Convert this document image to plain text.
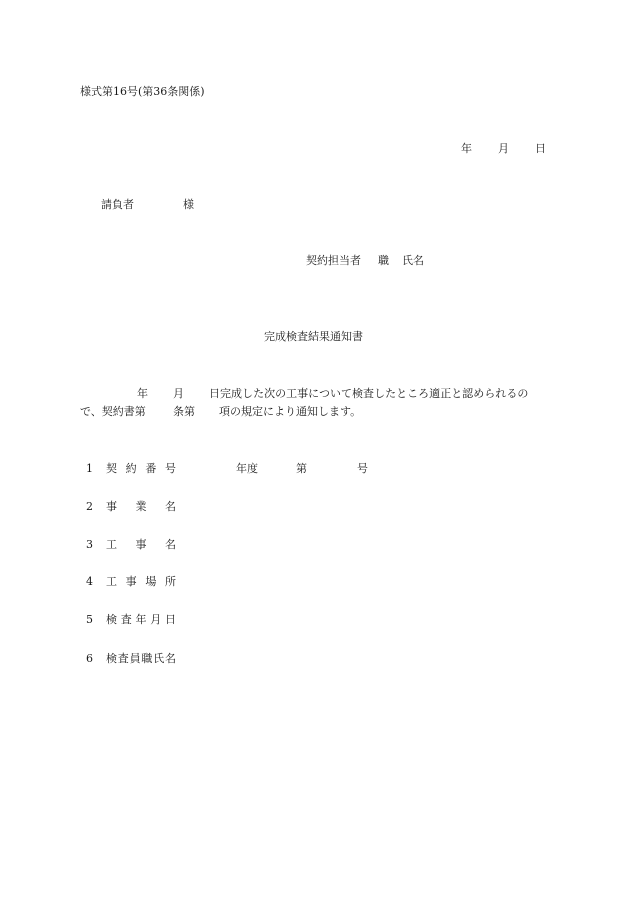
様式第16号(第36条関係)
年 月 日
請負者	様
契約担当者 職 氏名
完成検査結果通知書
年 月 日完成した次の工事について検査したところ適正と認められるの
で、契約書第 条第 項の規定により通知します。
1 契 約 番 号	年度	第	号
2 事 業 名
3 工 事 名
4 工 事 場 所
5 検 査 年 月 日
6 検 査 員 職 氏 名
